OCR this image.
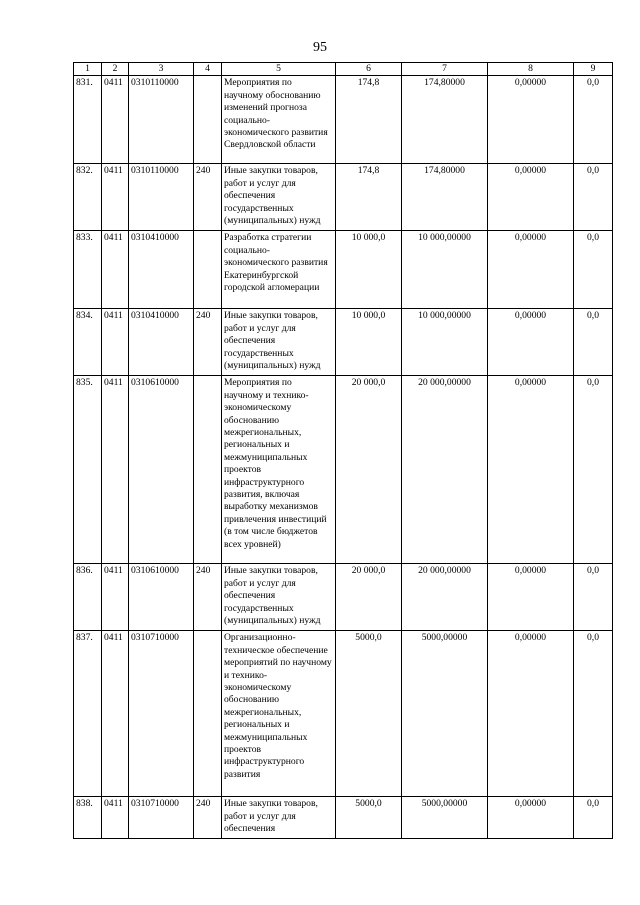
95
1	2	3	4	5	6	7	8	9
831.	0411	0310110000		Мероприятия по научному обоснованию изменений прогноза социально-экономического развития Свердловской области	174,8	174,80000	0,00000	0,0
832.	0411	0310110000	240	Иные закупки товаров, работ и услуг для обеспечения государственных (муниципальных) нужд	174,8	174,80000	0,00000	0,0
833.	0411	0310410000		Разработка стратегии социально-экономического развития Екатеринбургской городской агломерации	10 000,0	10 000,00000	0,00000	0,0
834.	0411	0310410000	240	Иные закупки товаров, работ и услуг для обеспечения государственных (муниципальных) нужд	10 000,0	10 000,00000	0,00000	0,0
835.	0411	0310610000		Мероприятия по научному и технико-экономическому обоснованию межрегиональных, региональных и межмуниципальных проектов инфраструктурного развития, включая выработку механизмов привлечения инвестиций (в том числе бюджетов всех уровней)	20 000,0	20 000,00000	0,00000	0,0
836.	0411	0310610000	240	Иные закупки товаров, работ и услуг для обеспечения государственных (муниципальных) нужд	20 000,0	20 000,00000	0,00000	0,0
837.	0411	0310710000		Организационно-техническое обеспечение мероприятий по научному и технико-экономическому обоснованию межрегиональных, региональных и межмуниципальных проектов инфраструктурного развития	5000,0	5000,00000	0,00000	0,0
838.	0411	0310710000	240	Иные закупки товаров, работ и услуг для обеспечения	5000,0	5000,00000	0,00000	0,0
